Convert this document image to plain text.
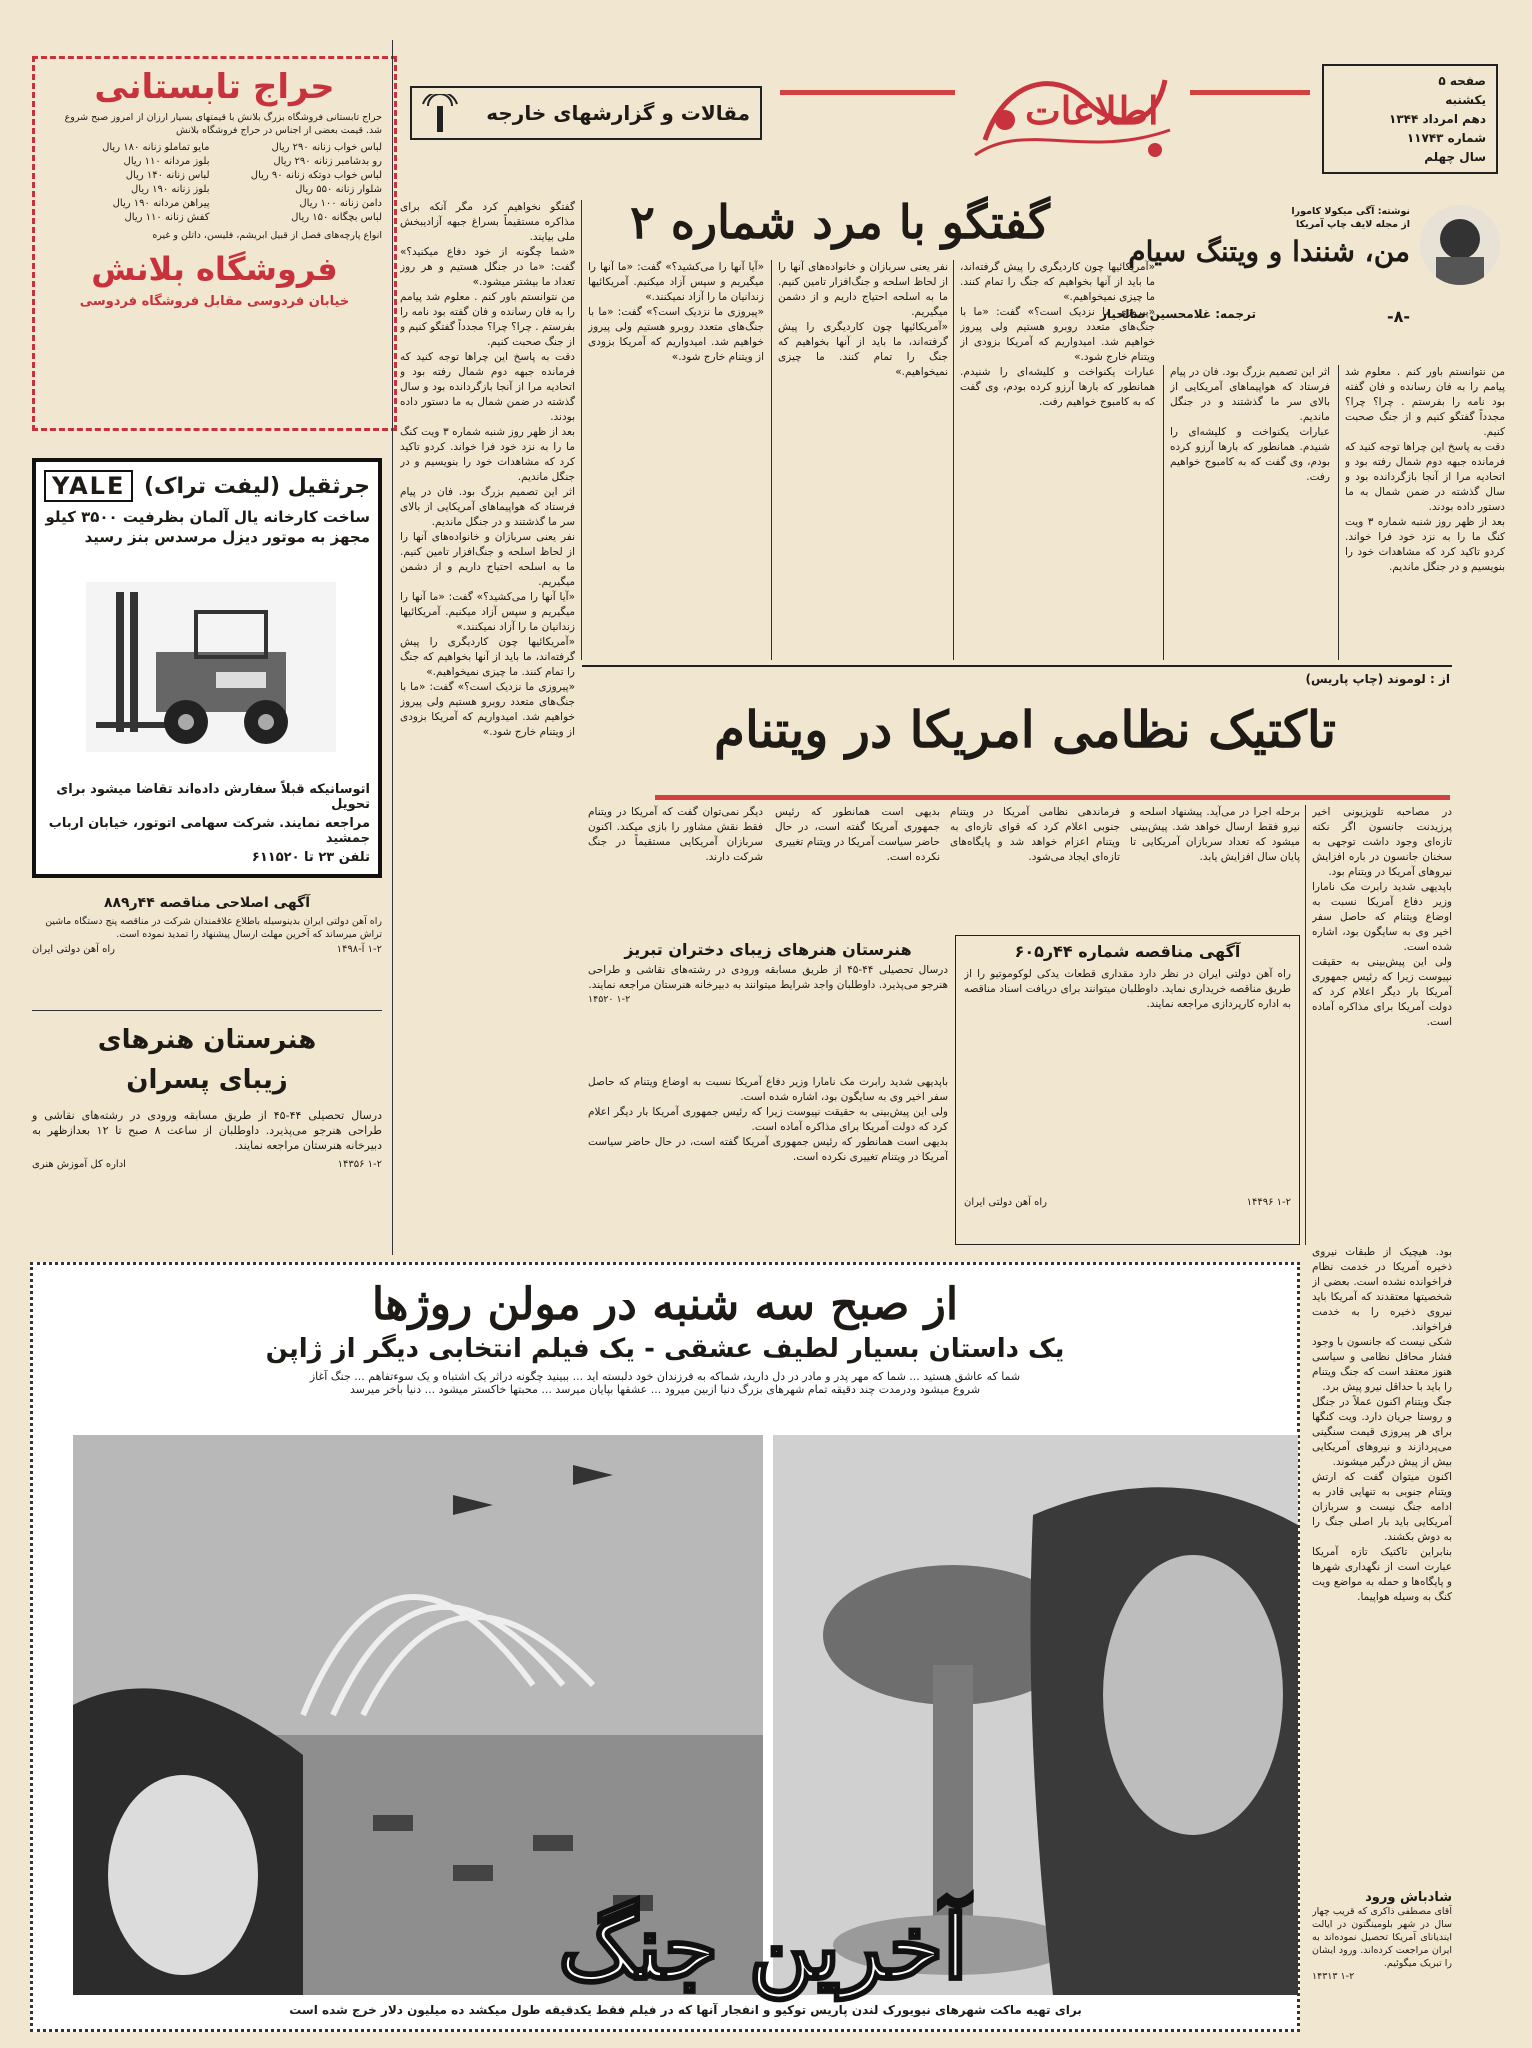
صفحه ۵
یکشنبه
دهم امرداد ۱۳۴۴
شماره ۱۱۷۴۳
سال چهلم
اطلاعات
مقالات و گزارشهای خارجه
حراج تابستانی
حراج تابستانی فروشگاه بزرگ بلانش با قیمتهای بسیار ارزان از امروز صبح شروع شد. قیمت بعضی از اجناس در حراج فروشگاه بلانش
لباس خواب زنانه ۲۹۰ ریال
مایو تماملو زنانه ۱۸۰ ریال
رو بدشامبر زنانه ۲۹۰ ریال
بلوز مردانه ۱۱۰ ریال
لباس خواب دوتکه زنانه ۹۰ ریال
لباس زنانه ۱۴۰ ریال
شلوار زنانه ۵۵۰ ریال
بلوز زنانه ۱۹۰ ریال
دامن زنانه ۱۰۰ ریال
پیراهن مردانه ۱۹۰ ریال
لباس بچگانه ۱۵۰ ریال
کفش زنانه ۱۱۰ ریال
انواع پارچه‌های فصل از قبیل ابریشم، فلیسن، داتلن و غیره
فروشگاه بلانش
خیابان فردوسی مقابل فروشگاه فردوسی
YALE جرثقیل (لیفت تراک)
ساخت کارخانه یال آلمان بظرفیت ۳۵۰۰ کیلو
مجهز به موتور دیزل مرسدس بنز رسید
اتوسانیکه قبلاً سفارش داده‌اند تقاضا میشود برای تحویل
مراجعه نمایند. شرکت سهامی اتوتور، خیابان ارباب جمشید
تلفن ۲۳ تا ۶۱۱۵۲۰
آگهی اصلاحی مناقصه ۴۴ر۸۸۹
راه آهن دولتی ایران بدینوسیله باطلاع علاقمندان شرکت در مناقصه پنج دستگاه ماشین تراش میرساند که آخرین مهلت ارسال پیشنهاد را تمدید نموده است.
۱-۲ آ-۱۴۹۸
راه آهن دولتی ایران
هنرستان هنرهای زیبای پسران
درسال تحصیلی ۴۴-۴۵ از طریق مسابقه ورودی در رشته‌های نقاشی و طراحی هنرجو می‌پذیرد. داوطلبان از ساعت ۸ صبح تا ۱۲ بعدازظهر به دبیرخانه هنرستان مراجعه نمایند.
۱-۲ ۱۴۳۵۶
اداره کل آموزش هنری
نوشته: آگی میکولا کامورا
از مجله لایف چاپ آمریکا
من، شنندا و ویتنگ سیام
-۸-
ترجمه: غلامحسین صالحیار
گفتگو با مرد شماره ۲

من نتوانستم باور کنم . معلوم شد پیامم را به فان رسانده و فان گفته بود نامه را بفرستم . چرا؟ چرا؟ مجدداً گفتگو کنیم و از جنگ صحبت کنیم.

دقت به پاسخ این چراها توجه کنید که فرمانده جبهه دوم شمال رفته بود و اتحادیه مرا از آنجا بازگردانده بود و سال گذشته در ضمن شمال به ما دستور داده بودند.

بعد از ظهر روز شنبه شماره ۳ ویت کنگ ما را به نزد خود فرا خواند. کردو تاکید کرد که مشاهدات خود را بنویسیم و در جنگل ماندیم.

اثر این تصمیم بزرگ بود. فان در پیام فرستاد که هواپیماهای آمریکایی از بالای سر ما گذشتند و در جنگل ماندیم.

عبارات یکنواخت و کلیشه‌ای را شنیدم. همانطور که بارها آرزو کرده بودم، وی گفت که به کامبوج خواهیم رفت.

«آمریکائیها چون کاردیگری را پیش گرفته‌اند، ما باید از آنها بخواهیم که جنگ را تمام کنند. ما چیزی نمیخواهیم.»

«پیروزی ما نزدیک است؟» گفت: «ما با جنگ‌های متعدد روبرو هستیم ولی پیروز خواهیم شد. امیدواریم که آمریکا بزودی از ویتنام خارج شود.»

عبارات یکنواخت و کلیشه‌ای را شنیدم. همانطور که بارها آرزو کرده بودم، وی گفت که به کامبوج خواهیم رفت.

نفر یعنی سربازان و خانواده‌های آنها را از لحاظ اسلحه و جنگ‌افزار تامین کنیم. ما به اسلحه احتیاج داریم و از دشمن میگیریم.

«آمریکائیها چون کاردیگری را پیش گرفته‌اند، ما باید از آنها بخواهیم که جنگ را تمام کنند. ما چیزی نمیخواهیم.»

«آیا آنها را می‌کشید؟» گفت: «ما آنها را میگیریم و سپس آزاد میکنیم. آمریکائیها زندانیان ما را آزاد نمیکنند.»

«پیروزی ما نزدیک است؟» گفت: «ما با جنگ‌های متعدد روبرو هستیم ولی پیروز خواهیم شد. امیدواریم که آمریکا بزودی از ویتنام خارج شود.»

گفتگو نخواهیم کرد مگر آنکه برای مذاکره مستقیماً بسراغ جبهه آزادیبخش ملی بیایند.

«شما چگونه از خود دفاع میکنید؟» گفت: «ما در جنگل هستیم و هر روز تعداد ما بیشتر میشود.»

من نتوانستم باور کنم . معلوم شد پیامم را به فان رسانده و فان گفته بود نامه را بفرستم . چرا؟ چرا؟ مجدداً گفتگو کنیم و از جنگ صحبت کنیم.

دقت به پاسخ این چراها توجه کنید که فرمانده جبهه دوم شمال رفته بود و اتحادیه مرا از آنجا بازگردانده بود و سال گذشته در ضمن شمال به ما دستور داده بودند.

بعد از ظهر روز شنبه شماره ۳ ویت کنگ ما را به نزد خود فرا خواند. کردو تاکید کرد که مشاهدات خود را بنویسیم و در جنگل ماندیم.

اثر این تصمیم بزرگ بود. فان در پیام فرستاد که هواپیماهای آمریکایی از بالای سر ما گذشتند و در جنگل ماندیم.

نفر یعنی سربازان و خانواده‌های آنها را از لحاظ اسلحه و جنگ‌افزار تامین کنیم. ما به اسلحه احتیاج داریم و از دشمن میگیریم.

«آیا آنها را می‌کشید؟» گفت: «ما آنها را میگیریم و سپس آزاد میکنیم. آمریکائیها زندانیان ما را آزاد نمیکنند.»

«آمریکائیها چون کاردیگری را پیش گرفته‌اند، ما باید از آنها بخواهیم که جنگ را تمام کنند. ما چیزی نمیخواهیم.»

«پیروزی ما نزدیک است؟» گفت: «ما با جنگ‌های متعدد روبرو هستیم ولی پیروز خواهیم شد. امیدواریم که آمریکا بزودی از ویتنام خارج شود.»

از : لوموند (چاپ پاریس)
تاکتیک نظامی امریکا در ویتنام

در مصاحبه تلویزیونی اخیر پرزیدنت جانسون اگر نکته تازه‌ای وجود داشت توجهی به سخنان جانسون در باره افزایش نیروهای آمریکا در ویتنام بود.

باپدیهی شدید رابرت مک نامارا وزیر دفاع آمریکا نسبت به اوضاع ویتنام که حاصل سفر اخیر وی به سایگون بود، اشاره شده است.

ولی این پیش‌بینی به حقیقت نپیوست زیرا که رئیس جمهوری آمریکا بار دیگر اعلام کرد که دولت آمریکا برای مذاکره آماده است.

برحله اجرا در می‌آید. پیشنهاد اسلحه و نیرو فقط ارسال خواهد شد. پیش‌بینی میشود که تعداد سربازان آمریکایی تا پایان سال افزایش یابد.

فرماندهی نظامی آمریکا در ویتنام جنوبی اعلام کرد که قوای تازه‌ای به ویتنام اعزام خواهد شد و پایگاه‌های تازه‌ای ایجاد می‌شود.

بدیهی است همانطور که رئیس جمهوری آمریکا گفته است، در حال حاضر سیاست آمریکا در ویتنام تغییری نکرده است.

دیگر نمی‌توان گفت که آمریکا در ویتنام فقط نقش مشاور را بازی میکند. اکنون سربازان آمریکایی مستقیماً در جنگ شرکت دارند.

آگهی مناقصه شماره ۴۴ر۶۰۵
راه آهن دولتی ایران در نظر دارد مقداری قطعات یدکی لوکوموتیو را از طریق مناقصه خریداری نماید. داوطلبان میتوانند برای دریافت اسناد مناقصه به اداره کارپردازی مراجعه نمایند.
۱-۲ ۱۴۴۹۶
راه آهن دولتی ایران
هنرستان هنرهای زیبای دختران تبریز
درسال تحصیلی ۴۴-۴۵ از طریق مسابقه ورودی در رشته‌های نقاشی و طراحی هنرجو می‌پذیرد. داوطلبان واجد شرایط میتوانند به دبیرخانه هنرستان مراجعه نمایند.
۱-۲ ۱۴۵۲۰

باپدیهی شدید رابرت مک نامارا وزیر دفاع آمریکا نسبت به اوضاع ویتنام که حاصل سفر اخیر وی به سایگون بود، اشاره شده است.

ولی این پیش‌بینی به حقیقت نپیوست زیرا که رئیس جمهوری آمریکا بار دیگر اعلام کرد که دولت آمریکا برای مذاکره آماده است.

بدیهی است همانطور که رئیس جمهوری آمریکا گفته است، در حال حاضر سیاست آمریکا در ویتنام تغییری نکرده است.

بود. هیچیک از طبقات نیروی ذخیره آمریکا در خدمت نظام فراخوانده نشده است. بعضی از شخصیتها معتقدند که آمریکا باید نیروی ذخیره را به خدمت فراخواند.

شکی نیست که جانسون با وجود فشار محافل نظامی و سیاسی هنوز معتقد است که جنگ ویتنام را باید با حداقل نیرو پیش برد.

جنگ ویتنام اکنون عملاً در جنگل و روستا جریان دارد. ویت کنگها برای هر پیروزی قیمت سنگینی می‌پردازند و نیروهای آمریکایی بیش از پیش درگیر میشوند.

اکنون میتوان گفت که ارتش ویتنام جنوبی به تنهایی قادر به ادامه جنگ نیست و سربازان آمریکایی باید بار اصلی جنگ را به دوش بکشند.

بنابراین تاکتیک تازه آمریکا عبارت است از نگهداری شهرها و پایگاه‌ها و حمله به مواضع ویت کنگ به وسیله هواپیما.

شادباش ورود
آقای مصطفی ذاکری که قریب چهار سال در شهر بلومینگتون در ایالت ایندیانای آمریکا تحصیل نموده‌اند به ایران مراجعت کرده‌اند. ورود ایشان را تبریک میگوئیم.
۱-۲ ۱۴۳۱۳
از صبح سه شنبه در مولن روژها
یک داستان بسیار لطیف عشقی - یک فیلم انتخابی دیگر از ژاپن
شما که عاشق هستید ... شما که مهر پدر و مادر در دل دارید، شماکه به فرزندان خود دلبسته اید ... ببینید چگونه دراثر یک اشتباه و یک سوءتفاهم ... جنگ آغاز
شروع میشود ودرمدت چند دقیقه تمام شهرهای بزرگ دنیا ازبین میرود ... عشقها بپایان میرسد ... محبتها خاکستر میشود ... دنیا باخر میرسد
آخرین جنگ
برای تهیه ماکت شهرهای نیویورک لندن پاریس توکیو و انفجار آنها که در فیلم فقط یکدقیقه طول میکشد ده میلیون دلار خرج شده است
